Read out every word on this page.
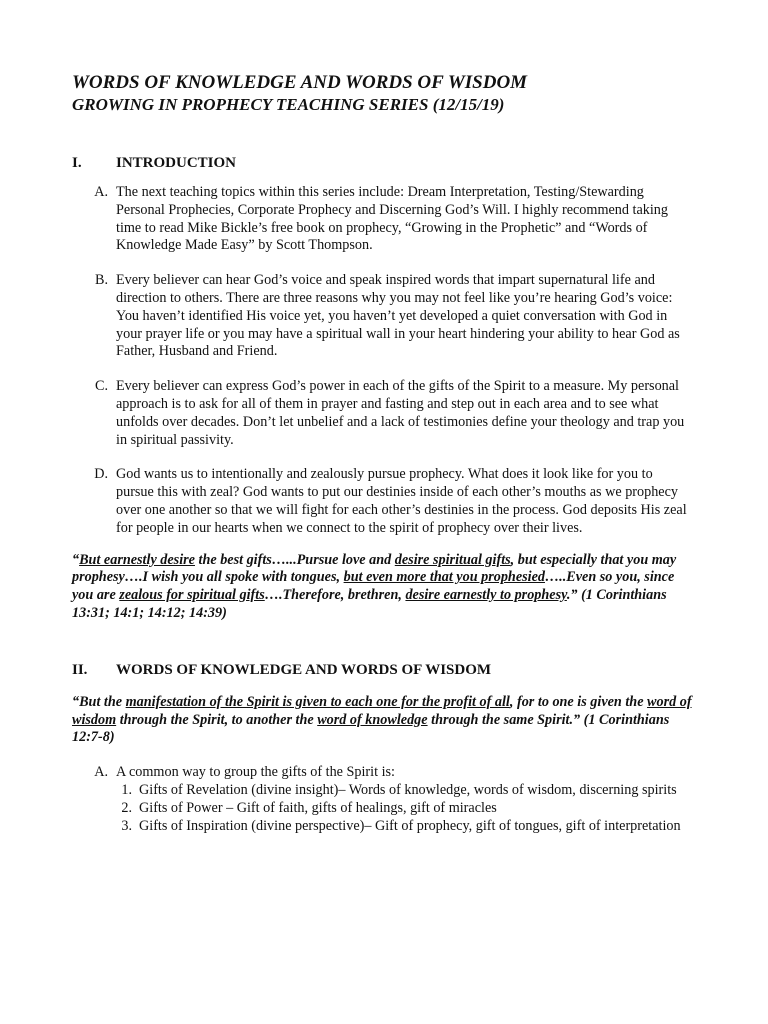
WORDS OF KNOWLEDGE AND WORDS OF WISDOM
GROWING IN PROPHECY TEACHING SERIES (12/15/19)
I.	INTRODUCTION
A. The next teaching topics within this series include: Dream Interpretation, Testing/Stewarding Personal Prophecies, Corporate Prophecy and Discerning God’s Will. I highly recommend taking time to read Mike Bickle’s free book on prophecy, “Growing in the Prophetic” and “Words of Knowledge Made Easy” by Scott Thompson.
B. Every believer can hear God’s voice and speak inspired words that impart supernatural life and direction to others. There are three reasons why you may not feel like you’re hearing God’s voice: You haven’t identified His voice yet, you haven’t yet developed a quiet conversation with God in your prayer life or you may have a spiritual wall in your heart hindering your ability to hear God as Father, Husband and Friend.
C. Every believer can express God’s power in each of the gifts of the Spirit to a measure. My personal approach is to ask for all of them in prayer and fasting and step out in each area and to see what unfolds over decades. Don’t let unbelief and a lack of testimonies define your theology and trap you in spiritual passivity.
D. God wants us to intentionally and zealously pursue prophecy. What does it look like for you to pursue this with zeal? God wants to put our destinies inside of each other’s mouths as we prophecy over one another so that we will fight for each other’s destinies in the process. God deposits His zeal for people in our hearts when we connect to the spirit of prophecy over their lives.
“But earnestly desire the best gifts…...Pursue love and desire spiritual gifts, but especially that you may prophesy….I wish you all spoke with tongues, but even more that you prophesied…..Even so you, since you are zealous for spiritual gifts….Therefore, brethren, desire earnestly to prophesy.” (1 Corinthians 13:31; 14:1; 14:12; 14:39)
II.	WORDS OF KNOWLEDGE AND WORDS OF WISDOM
“But the manifestation of the Spirit is given to each one for the profit of all, for to one is given the word of wisdom through the Spirit, to another the word of knowledge through the same Spirit.” (1 Corinthians 12:7-8)
A. A common way to group the gifts of the Spirit is:
1. Gifts of Revelation (divine insight)– Words of knowledge, words of wisdom, discerning spirits
2. Gifts of Power – Gift of faith, gifts of healings, gift of miracles
3. Gifts of Inspiration (divine perspective)– Gift of prophecy, gift of tongues, gift of interpretation
